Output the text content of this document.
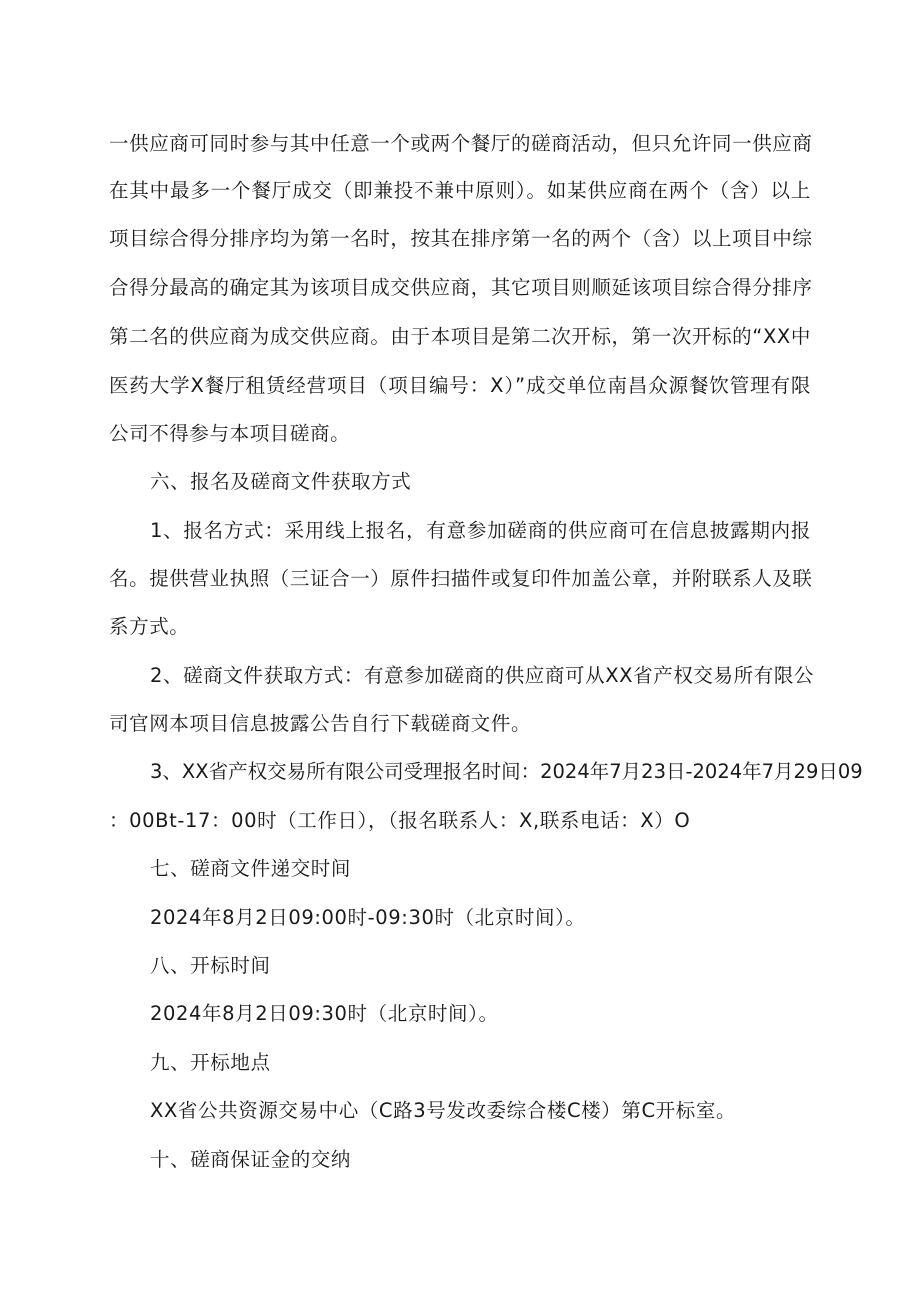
一供应商可同时参与其中任意一个或两个餐厅的磋商活动，但只允许同一供应商
在其中最多一个餐厅成交（即兼投不兼中原则）。如某供应商在两个（含）以上
项目综合得分排序均为第一名时，按其在排序第一名的两个（含）以上项目中综
合得分最高的确定其为该项目成交供应商，其它项目则顺延该项目综合得分排序
第二名的供应商为成交供应商。由于本项目是第二次开标，第一次开标的“XX中
医药大学X餐厅租赁经营项目（项目编号：X）”成交单位南昌众源餐饮管理有限
公司不得参与本项目磋商。
六、报名及磋商文件获取方式
1、报名方式：采用线上报名，有意参加磋商的供应商可在信息披露期内报
名。提供营业执照（三证合一）原件扫描件或复印件加盖公章，并附联系人及联
系方式。
2、磋商文件获取方式：有意参加磋商的供应商可从XX省产权交易所有限公
司官网本项目信息披露公告自行下载磋商文件。
3、XX省产权交易所有限公司受理报名时间：2024年7月23日-2024年7月29日09
：00Bt-17：00时（工作日），（报名联系人：X,联系电话：X）O
七、磋商文件递交时间
2024年8月2日09:00时-09:30时（北京时间）。
八、开标时间
2024年8月2日09:30时（北京时间）。
九、开标地点
XX省公共资源交易中心（C路3号发改委综合楼C楼）第C开标室。
十、磋商保证金的交纳
